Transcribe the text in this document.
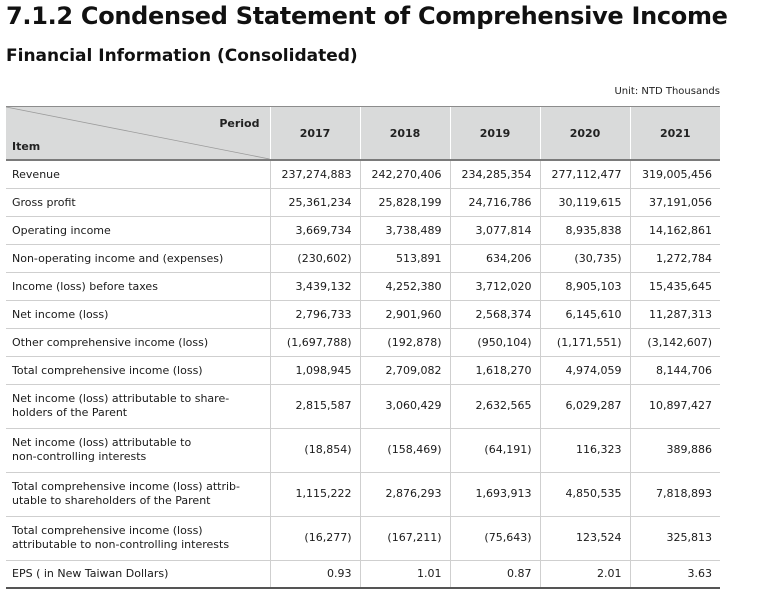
7.1.2 Condensed Statement of Comprehensive Income
Financial Information (Consolidated)
Unit: NTD Thousands
Period
Item	2017	2018	2019	2020	2021
Revenue	237,274,883	242,270,406	234,285,354	277,112,477	319,005,456
Gross profit	25,361,234	25,828,199	24,716,786	30,119,615	37,191,056
Operating income	3,669,734	3,738,489	3,077,814	8,935,838	14,162,861
Non-operating income and (expenses)	(230,602)	513,891	634,206	(30,735)	1,272,784
Income (loss) before taxes	3,439,132	4,252,380	3,712,020	8,905,103	15,435,645
Net income (loss)	2,796,733	2,901,960	2,568,374	6,145,610	11,287,313
Other comprehensive income (loss)	(1,697,788)	(192,878)	(950,104)	(1,171,551)	(3,142,607)
Total comprehensive income (loss)	1,098,945	2,709,082	1,618,270	4,974,059	8,144,706

Net income (loss) attributable to share-
holders of the Parent	2,815,587	3,060,429	2,632,565	6,029,287	10,897,427

Net income (loss) attributable to
non-controlling interests	(18,854)	(158,469)	(64,191)	116,323	389,886

Total comprehensive income (loss) attrib-
utable to shareholders of the Parent	1,115,222	2,876,293	1,693,913	4,850,535	7,818,893

Total comprehensive income (loss)
attributable to non-controlling interests	(16,277)	(167,211)	(75,643)	123,524	325,813
EPS ( in New Taiwan Dollars)	0.93	1.01	0.87	2.01	3.63
